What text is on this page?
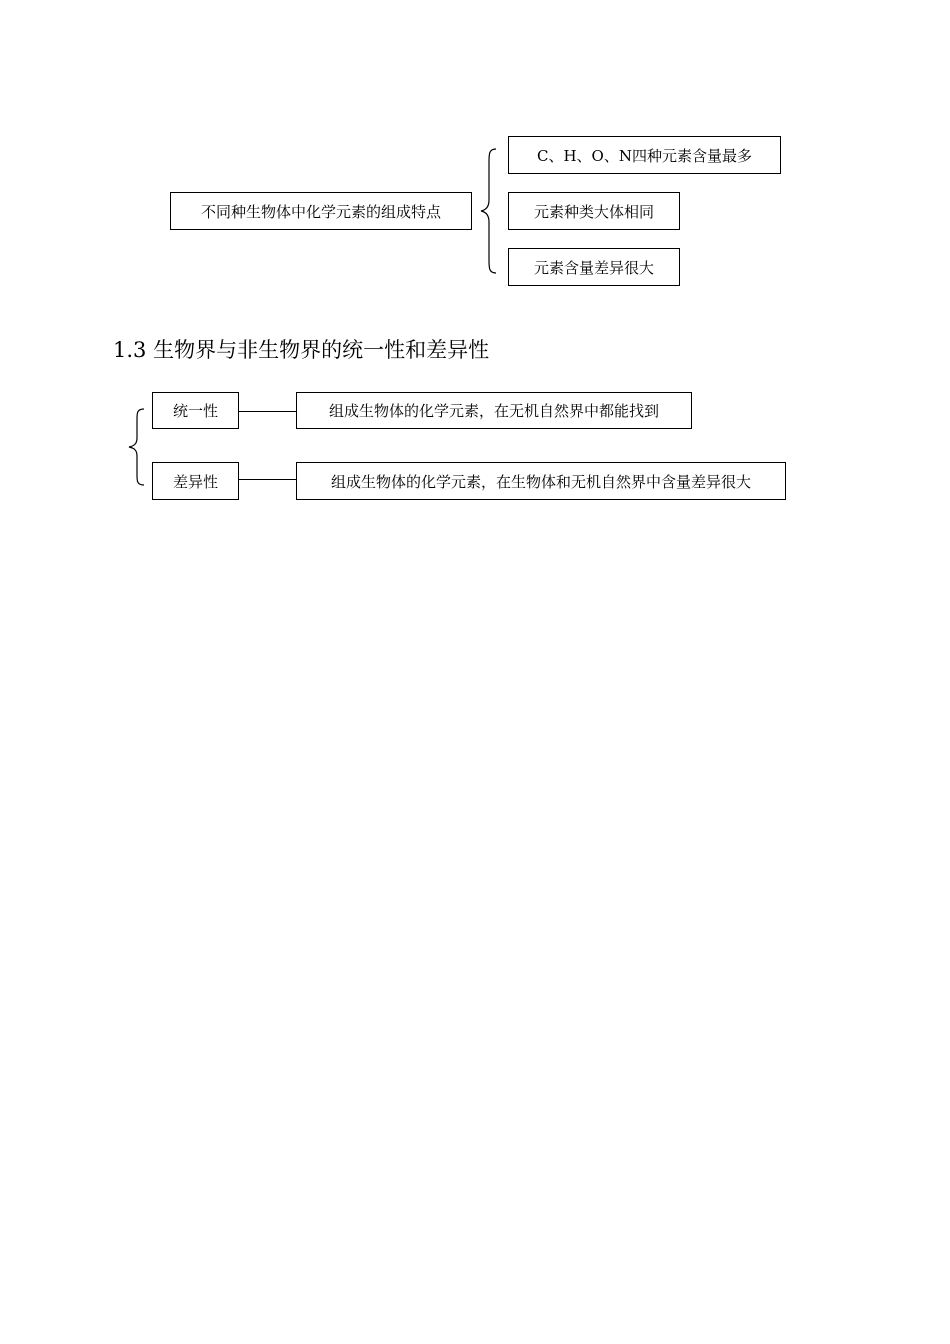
不同种生物体中化学元素的组成特点
C、H、O、N四种元素含量最多
元素种类大体相同
元素含量差异很大
1.3 生物界与非生物界的统一性和差异性
统一性	组成生物体的化学元素，在无机自然界中都能找到
差异性	组成生物体的化学元素，在生物体和无机自然界中含量差异很大
